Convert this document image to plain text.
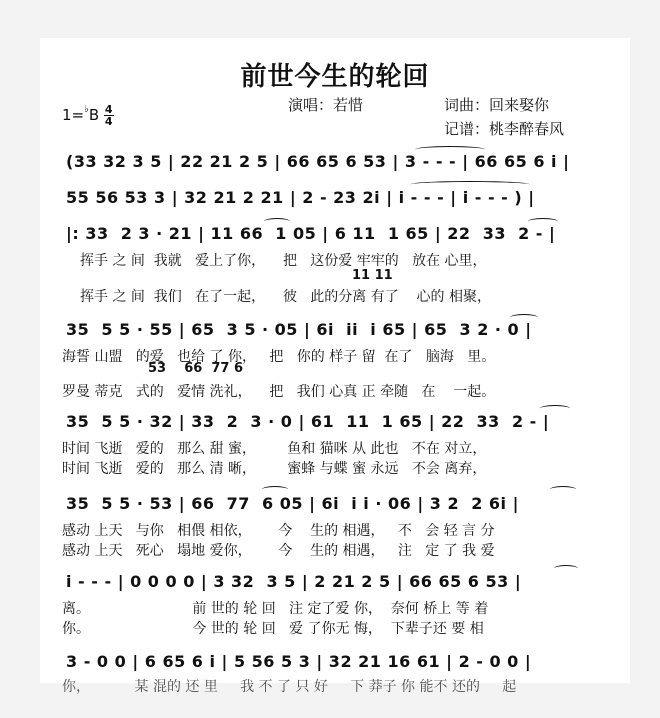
前世今生的轮回
$1=^♭B \frac{4}{4}$	演唱：若惜	词曲：回来娶你
记谱：桃李醉春风
(33 32 3 5 | 22 21 2 5 | 66 65 6 53 | 3 - - - | 66 65 6 i |
55 56 53 3 | 32 21 2 21 | 2 - 23 2i | i - - - | i - - - ) |
|: 33  2 3 · 21 | 11 66  1 05 | 6 11  1 65 | 22  33  2 - |
挥手 之 间  我就   爱上了你，    把   这份爱 牢牢的   放在 心里，
11 11
挥手 之 间  我们   在了一起，    彼   此的分离 有了    心的 相聚，
35  5 5 · 55 | 65  3 5 · 05 | 6i  ii  i 65 | 65  3 2 · 0 |
海誓 山盟   的爱   也给 了 你，   把   你的 样子 留  在了   脑海   里。
53    66  77 6
罗曼 蒂克   式的   爱情 洗礼，    把   我们 心真 正 牵随   在    一起。
35  5 5 · 32 | 33  2  3 · 0 | 61  11  1 65 | 22  33  2 - |
时间 飞逝   爱的   那么 甜 蜜，       鱼和 猫咪 从 此也   不在 对立，
时间 飞逝   爱的   那么 清 晰，       蜜蜂 与蝶 蜜 永远   不会 离弃，
35  5 5 · 53 | 66  77  6 05 | 6i  i i · 06 | 3 2  2 6i |
感动 上天   与你   相偎 相依，      今    生的 相遇，   不   会 轻 言 分
感动 上天   死心   塌地 爱你，      今    生的 相遇，   注   定 了 我 爱
i - - - | 0 0 0 0 | 3 32  3 5 | 2 21 2 5 | 66 65 6 53 |
离。                       前 世的 轮 回   注 定了爱 你，  奈何 桥上 等 着
你。                       今 世的 轮 回   爱 了你无 悔，  下辈子还 要 相
3 - 0 0 | 6 65 6 i | 5 56 5 3 | 32 21 16 61 | 2 - 0 0 |
你，          某 混的 还 里     我 不 了 只 好     下 莽子 你 能不 还的     起
